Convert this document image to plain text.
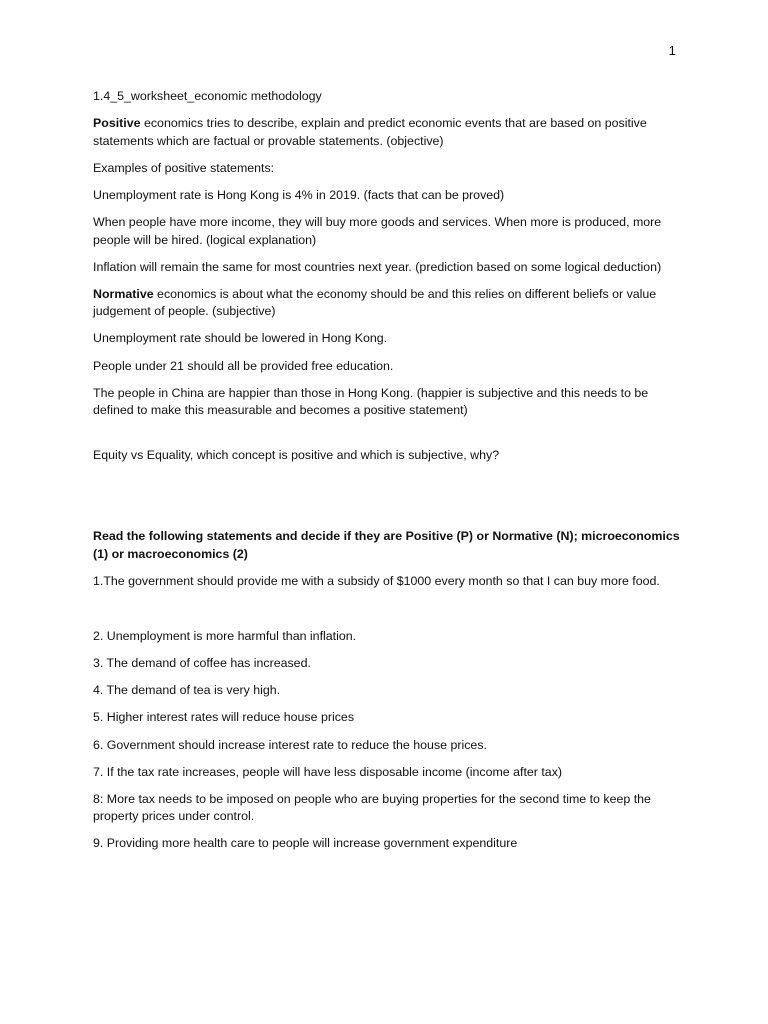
1

1.4_5_worksheet_economic methodology

Positive economics tries to describe, explain and predict economic events that are based on positive statements which are factual or provable statements. (objective)

Examples of positive statements:

Unemployment rate is Hong Kong is 4% in 2019. (facts that can be proved)

When people have more income, they will buy more goods and services. When more is produced, more people will be hired. (logical explanation)

Inflation will remain the same for most countries next year. (prediction based on some logical deduction)

Normative economics is about what the economy should be and this relies on different beliefs or value judgement of people. (subjective)

Unemployment rate should be lowered in Hong Kong.

People under 21 should all be provided free education.

The people in China are happier than those in Hong Kong. (happier is subjective and this needs to be defined to make this measurable and becomes a positive statement)

Equity vs Equality, which concept is positive and which is subjective, why?

Read the following statements and decide if they are Positive (P) or Normative (N); microeconomics (1) or macroeconomics (2)

1.The government should provide me with a subsidy of $1000 every month so that I can buy more food.

2. Unemployment is more harmful than inflation.

3. The demand of coffee has increased.

4. The demand of tea is very high.

5. Higher interest rates will reduce house prices

6. Government should increase interest rate to reduce the house prices.

7. If the tax rate increases, people will have less disposable income (income after tax)

8: More tax needs to be imposed on people who are buying properties for the second time to keep the property prices under control.

9. Providing more health care to people will increase government expenditure
